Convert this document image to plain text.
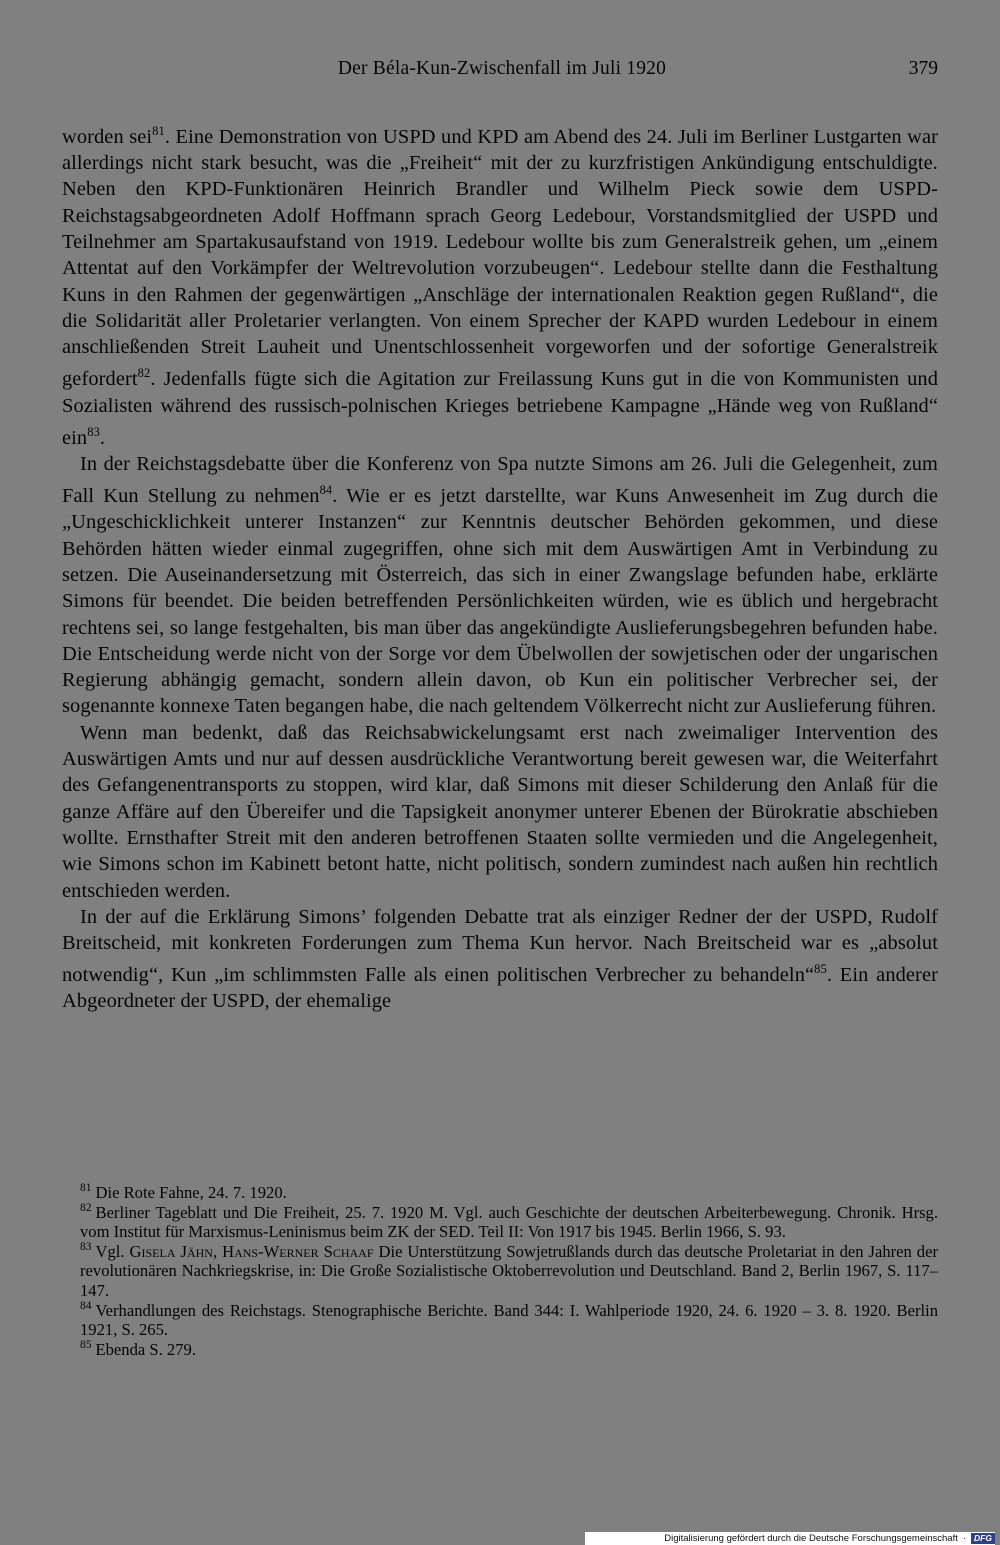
Der Béla-Kun-Zwischenfall im Juli 1920	379

worden sei$^{81}$. Eine Demonstration von USPD und KPD am Abend des 24. Juli im Berliner Lustgarten war allerdings nicht stark besucht, was die „Freiheit“ mit der zu kurzfristigen Ankündigung entschuldigte. Neben den KPD-Funktionären Heinrich Brandler und Wilhelm Pieck sowie dem USPD-Reichstagsabgeordneten Adolf Hoffmann sprach Georg Ledebour, Vorstandsmitglied der USPD und Teilnehmer am Spartakusaufstand von 1919. Ledebour wollte bis zum Generalstreik gehen, um „einem Attentat auf den Vorkämpfer der Weltrevolution vorzubeugen“. Ledebour stellte dann die Festhaltung Kuns in den Rahmen der gegenwärtigen „Anschläge der internationalen Reaktion gegen Rußland“, die die Solidarität aller Proletarier verlangten. Von einem Sprecher der KAPD wurden Ledebour in einem anschließenden Streit Lauheit und Unentschlossenheit vorgeworfen und der sofortige Generalstreik gefordert$^{82}$. Jedenfalls fügte sich die Agitation zur Freilassung Kuns gut in die von Kommunisten und Sozialisten während des russisch-polnischen Krieges betriebene Kampagne „Hände weg von Rußland“ ein$^{83}$.

In der Reichstagsdebatte über die Konferenz von Spa nutzte Simons am 26. Juli die Gelegenheit, zum Fall Kun Stellung zu nehmen$^{84}$. Wie er es jetzt darstellte, war Kuns Anwesenheit im Zug durch die „Ungeschicklichkeit unterer Instanzen“ zur Kenntnis deutscher Behörden gekommen, und diese Behörden hätten wieder einmal zugegriffen, ohne sich mit dem Auswärtigen Amt in Verbindung zu setzen. Die Auseinandersetzung mit Österreich, das sich in einer Zwangslage befunden habe, erklärte Simons für beendet. Die beiden betreffenden Persönlichkeiten würden, wie es üblich und hergebracht rechtens sei, so lange festgehalten, bis man über das angekündigte Auslieferungsbegehren befunden habe. Die Entscheidung werde nicht von der Sorge vor dem Übelwollen der sowjetischen oder der ungarischen Regierung abhängig gemacht, sondern allein davon, ob Kun ein politischer Verbrecher sei, der sogenannte konnexe Taten begangen habe, die nach geltendem Völkerrecht nicht zur Auslieferung führen.

Wenn man bedenkt, daß das Reichsabwickelungsamt erst nach zweimaliger Intervention des Auswärtigen Amts und nur auf dessen ausdrückliche Verantwortung bereit gewesen war, die Weiterfahrt des Gefangenentransports zu stoppen, wird klar, daß Simons mit dieser Schilderung den Anlaß für die ganze Affäre auf den Übereifer und die Tapsigkeit anonymer unterer Ebenen der Bürokratie abschieben wollte. Ernsthafter Streit mit den anderen betroffenen Staaten sollte vermieden und die Angelegenheit, wie Simons schon im Kabinett betont hatte, nicht politisch, sondern zumindest nach außen hin rechtlich entschieden werden.

In der auf die Erklärung Simons’ folgenden Debatte trat als einziger Redner der der USPD, Rudolf Breitscheid, mit konkreten Forderungen zum Thema Kun hervor. Nach Breitscheid war es „absolut notwendig“, Kun „im schlimmsten Falle als einen politischen Verbrecher zu behandeln“$^{85}$. Ein anderer Abgeordneter der USPD, der ehemalige

$^{81}$ Die Rote Fahne, 24. 7. 1920.

$^{82}$ Berliner Tageblatt und Die Freiheit, 25. 7. 1920 M. Vgl. auch Geschichte der deutschen Arbeiterbewegung. Chronik. Hrsg. vom Institut für Marxismus-Leninismus beim ZK der SED. Teil II: Von 1917 bis 1945. Berlin 1966, S. 93.

$^{83}$ Vgl. Gisela Jähn, Hans-Werner Schaaf Die Unterstützung Sowjetrußlands durch das deutsche Proletariat in den Jahren der revolutionären Nachkriegskrise, in: Die Große Sozialistische Oktoberrevolution und Deutschland. Band 2, Berlin 1967, S. 117–147.

$^{84}$ Verhandlungen des Reichstags. Stenographische Berichte. Band 344: I. Wahlperiode 1920, 24. 6. 1920 – 3. 8. 1920. Berlin 1921, S. 265.

$^{85}$ Ebenda S. 279.

Digitalisierung gefördert durch die Deutsche Forschungsgemeinschaft · DFG
